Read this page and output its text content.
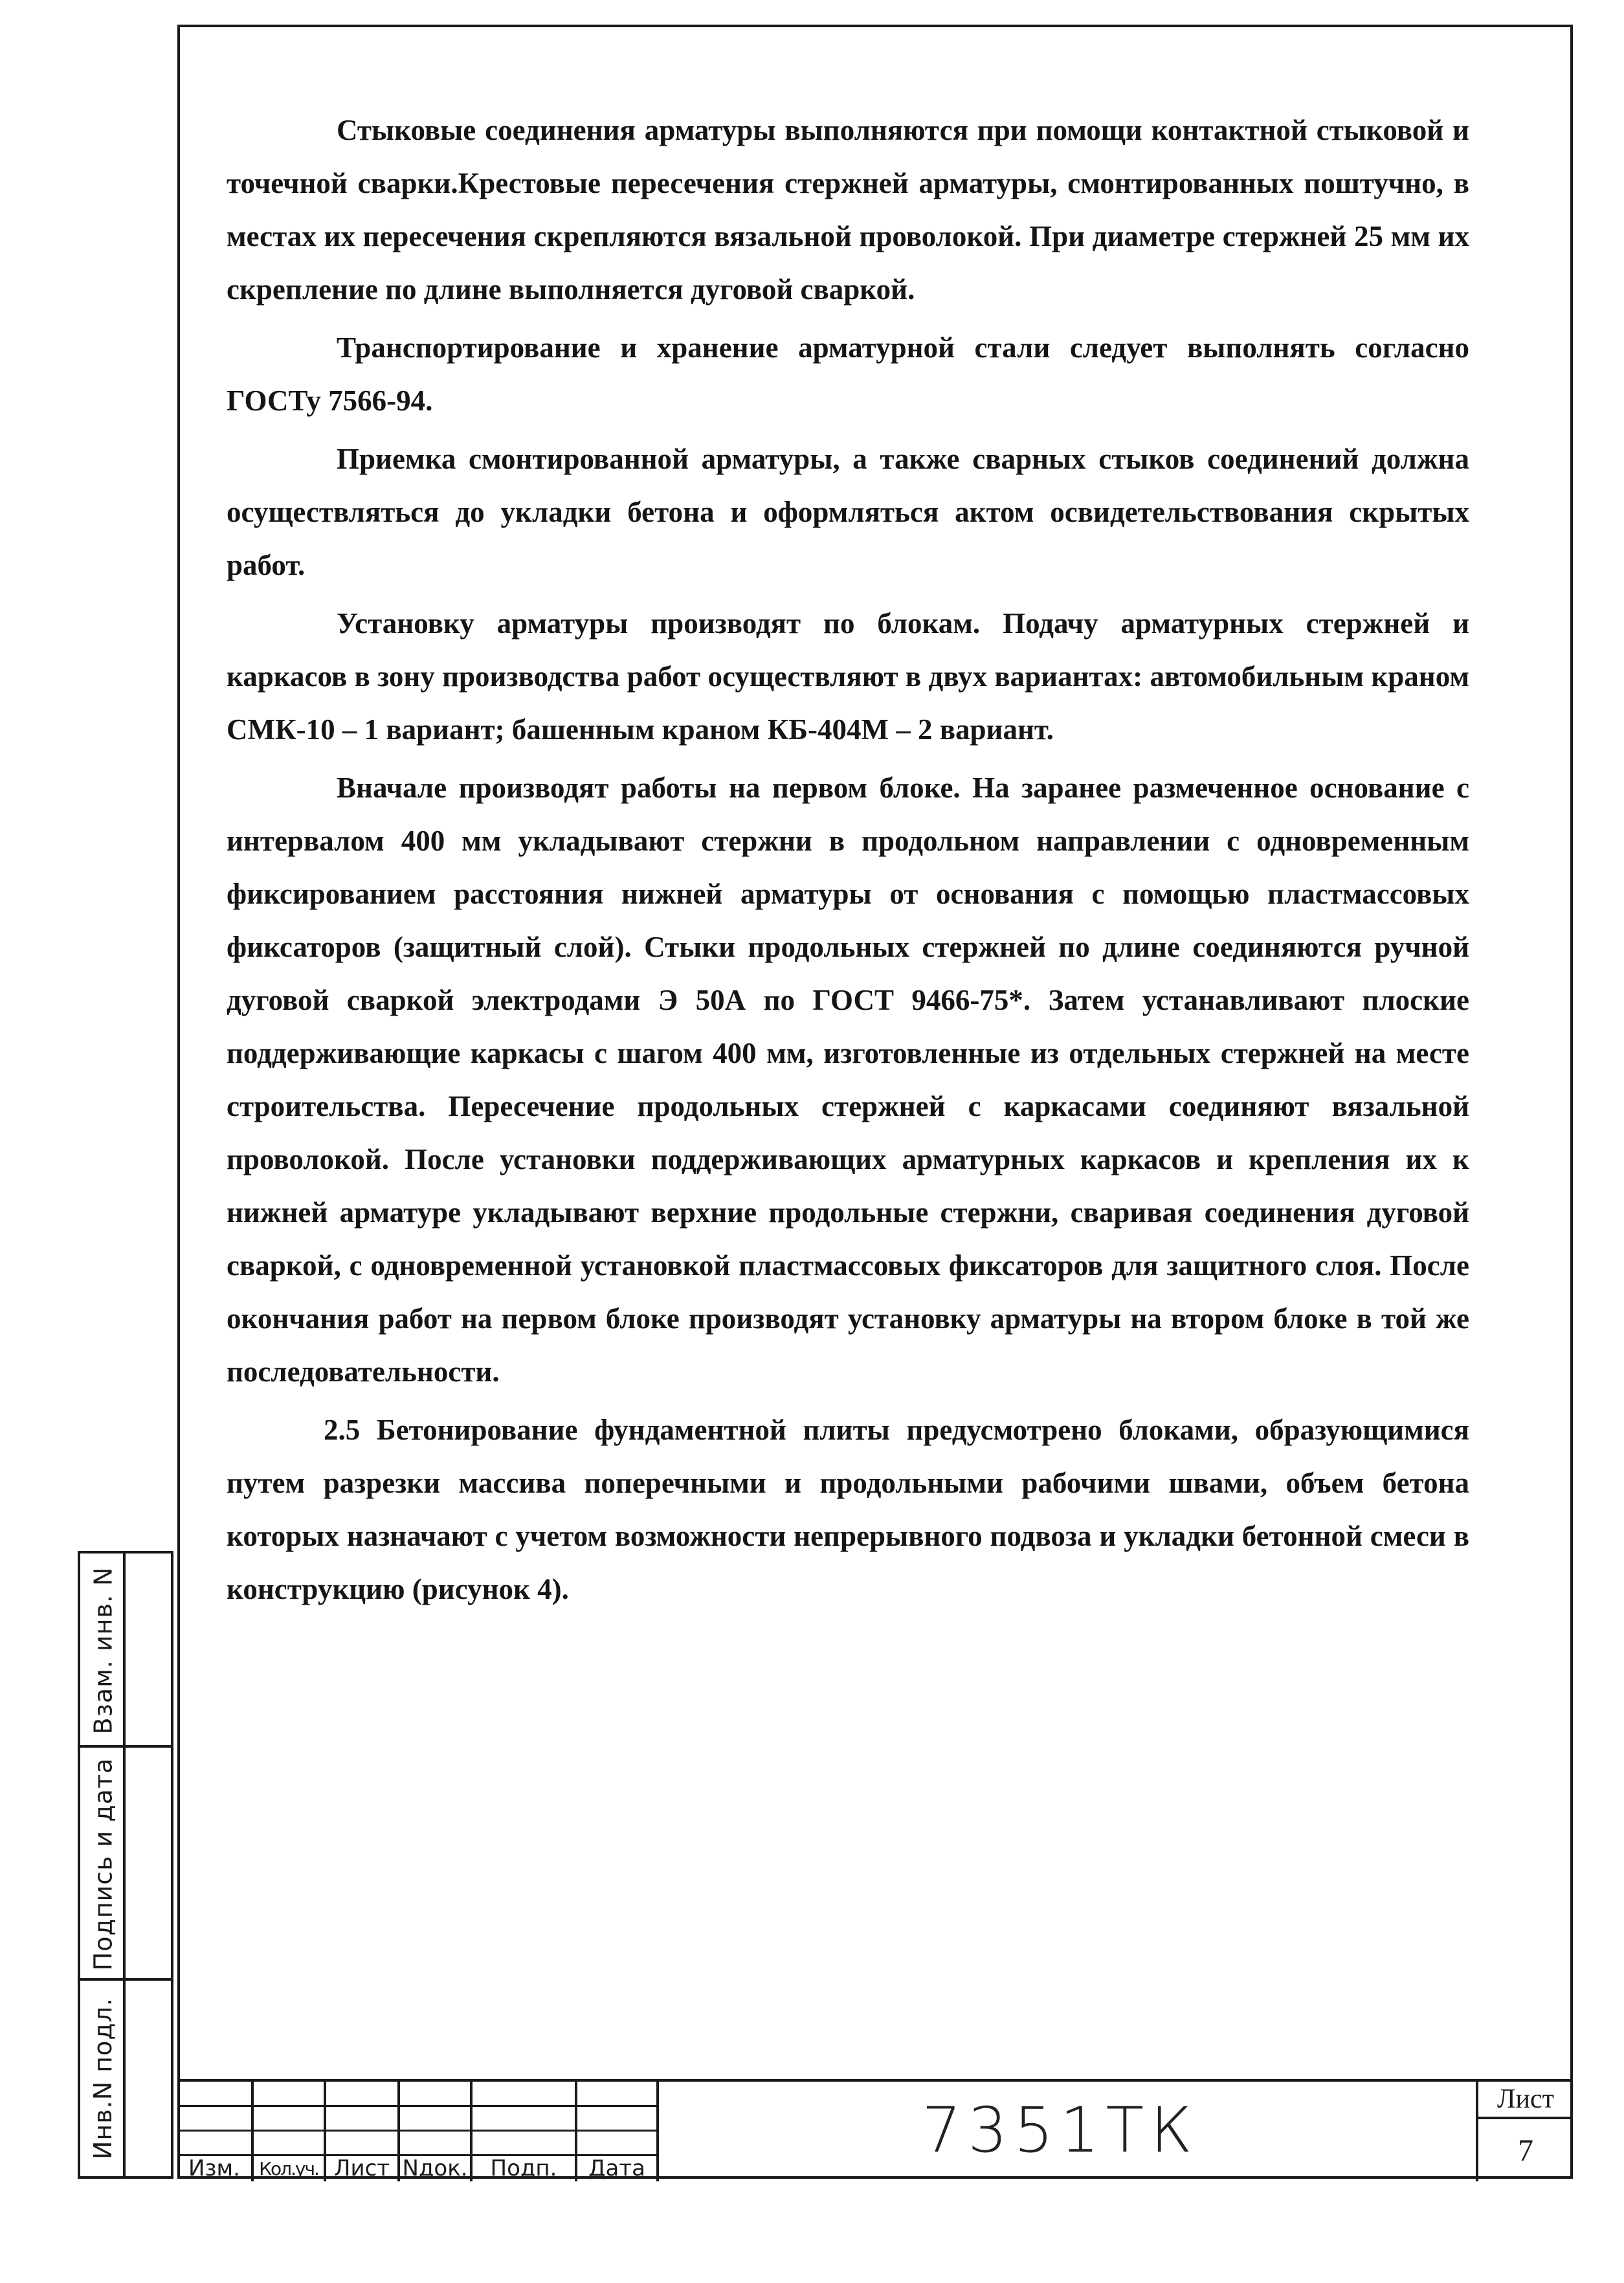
Стыковые соединения арматуры выполняются при помощи контактной стыковой и точечной сварки.Крестовые пересечения стержней арматуры, смонтированных поштучно, в местах их пересечения скрепляются вязальной проволокой. При диаметре стержней 25 мм их скрепление по длине выполняется дуговой сваркой.

Транспортирование и хранение арматурной стали следует выполнять согласно ГОСТу 7566-94.

Приемка смонтированной арматуры, а также сварных стыков соединений должна осуществляться до укладки бетона и оформляться актом освидетельствования скрытых работ.

Установку арматуры производят по блокам. Подачу арматурных стержней и каркасов в зону производства работ осуществляют в двух вариантах: автомобильным краном СМК-10 – 1 вариант; башенным краном КБ-404М – 2 вариант.

Вначале производят работы на первом блоке. На заранее размеченное основание с интервалом 400 мм укладывают стержни в продольном направлении с одновременным фиксированием расстояния нижней арматуры от основания с помощью пластмассовых фиксаторов (защитный слой). Стыки продольных стержней по длине соединяются ручной дуговой сваркой электродами Э 50А по ГОСТ 9466-75*. Затем устанавливают плоские поддерживающие каркасы с шагом 400 мм, изготовленные из отдельных стержней на месте строительства. Пересечение продольных стержней с каркасами соединяют вязальной проволокой. После установки поддерживающих арматурных каркасов и крепления их к нижней арматуре укладывают верхние продольные стержни, сваривая соединения дуговой сваркой, с одновременной установкой пластмассовых фиксаторов для защитного слоя. После окончания работ на первом блоке производят установку арматуры на втором блоке в той же последовательности.

2.5 Бетонирование фундаментной плиты предусмотрено блоками, образующимися путем разрезки массива поперечными и продольными рабочими швами, объем бетона которых назначают с учетом возможности непрерывного подвоза и укладки бетонной смеси в конструкцию (рисунок 4).

Взам. инв. N
Подпись и дата
Инв.N подл.
Изм.	Кол.уч. Лист Nдок.	Подп.	Дата
7351ТК	Лист
7
